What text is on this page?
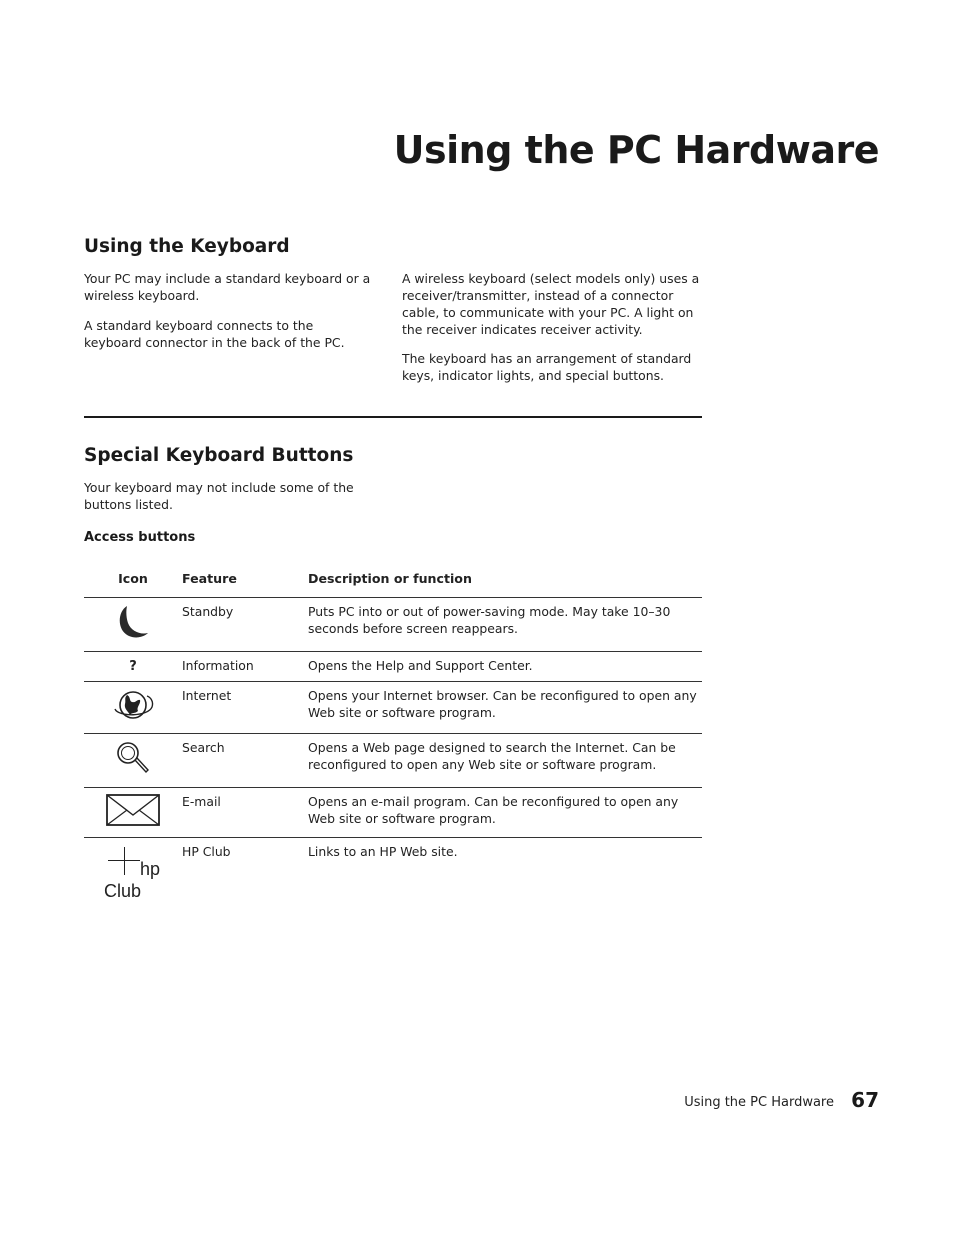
Using the PC Hardware
Using the Keyboard

Your PC may include a standard keyboard or a wireless keyboard.

A standard keyboard connects to the keyboard connector in the back of the PC.

A wireless keyboard (select models only) uses a receiver/transmitter, instead of a connector cable, to communicate with your PC. A light on the receiver indicates receiver activity.

The keyboard has an arrangement of standard keys, indicator lights, and special buttons.

Special Keyboard Buttons

Your keyboard may not include some of the buttons listed.

Access buttons

Icon	Feature	Description or function
	Standby	Puts PC into or out of power-saving mode. May take 10–30 seconds before screen reappears.
?	Information	Opens the Help and Support Center.
	Internet	Opens your Internet browser. Can be reconfigured to open any Web site or software program.
	Search	Opens a Web page designed to search the Internet. Can be reconfigured to open any Web site or software program.
	E-mail	Opens an e-mail program. Can be reconfigured to open any Web site or software program.

hp
Club	HP Club	Links to an HP Web site.
Using the PC Hardware 67
